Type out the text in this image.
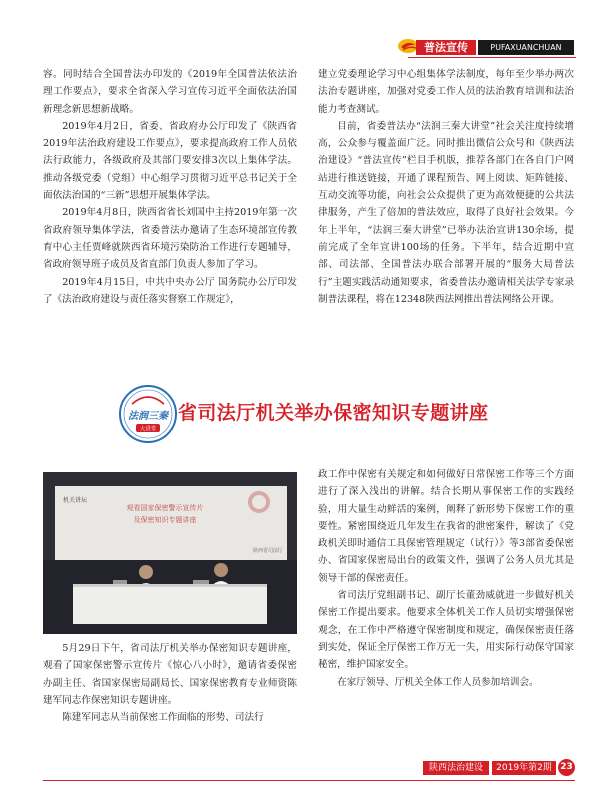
普法宣传	PUFAXUANCHUAN

容。同时结合全国普法办印发的《2019年全国普法依法治理工作要点》，要求全省深入学习宣传习近平全面依法治国新理念新思想新战略。

2019年4月2日，省委、省政府办公厅印发了《陕西省2019年法治政府建设工作要点》，要求提高政府工作人员依法行政能力，各级政府及其部门要安排3次以上集体学法。推动各级党委（党组）中心组学习贯彻习近平总书记关于全面依法治国的“三新”思想开展集体学法。

2019年4月8日，陕西省省长刘国中主持2019年第一次省政府领导集体学法，省委普法办邀请了生态环境部宣传教育中心主任贾峰就陕西省环境污染防治工作进行专题辅导，省政府领导班子成员及省直部门负责人参加了学习。

2019年4月15日，中共中央办公厅 国务院办公厅印发了《法治政府建设与责任落实督察工作规定》，

建立党委理论学习中心组集体学法制度，每年至少举办两次法治专题讲座，加强对党委工作人员的法治教育培训和法治能力考查测试。

目前，省委普法办“法润三秦大讲堂”社会关注度持续增高，公众参与覆盖面广泛。同时推出微信公众号和《陕西法治建设》“普法宣传”栏目手机版，推荐各部门在各自门户网站进行推送链接，开通了课程预告、网上阅读、矩阵链接、互动交流等功能，向社会公众提供了更为高效便捷的公共法律服务，产生了倍加的普法效应，取得了良好社会效果。今年上半年，“法润三秦大讲堂”已举办法治宣讲130余场，提前完成了全年宣讲100场的任务。下半年，结合近期中宣部、司法部、全国普法办联合部署开展的“服务大局普法行”主题实践活动通知要求，省委普法办邀请相关法学专家录制普法课程，将在12348陕西法网推出普法网络公开课。

法润三秦
大讲堂
省司法厅机关举办保密知识专题讲座
机关讲坛
观看国家保密警示宣传片
及保密知识专题讲座
陕西省司法厅

5月29日下午，省司法厅机关举办保密知识专题讲座，观看了国家保密警示宣传片《惊心八小时》，邀请省委保密办副主任、省国家保密局副局长、国家保密教育专业师资陈建军同志作保密知识专题讲座。

陈建军同志从当前保密工作面临的形势、司法行

政工作中保密有关规定和如何做好日常保密工作等三个方面进行了深入浅出的讲解。结合长期从事保密工作的实践经验，用大量生动鲜活的案例，阐释了新形势下保密工作的重要性。紧密围绕近几年发生在我省的泄密案件，解读了《党政机关即时通信工具保密管理规定（试行）》等3部省委保密办、省国家保密局出台的政策文件，强调了公务人员尤其是领导干部的保密责任。

省司法厅党组副书记、副厅长董劲威就进一步做好机关保密工作提出要求。他要求全体机关工作人员切实增强保密观念，在工作中严格遵守保密制度和规定，确保保密责任落到实处，保证全厅保密工作万无一失，用实际行动保守国家秘密，维护国家安全。

在家厅领导、厅机关全体工作人员参加培训会。

陕西法治建设	2019年第2期 23
